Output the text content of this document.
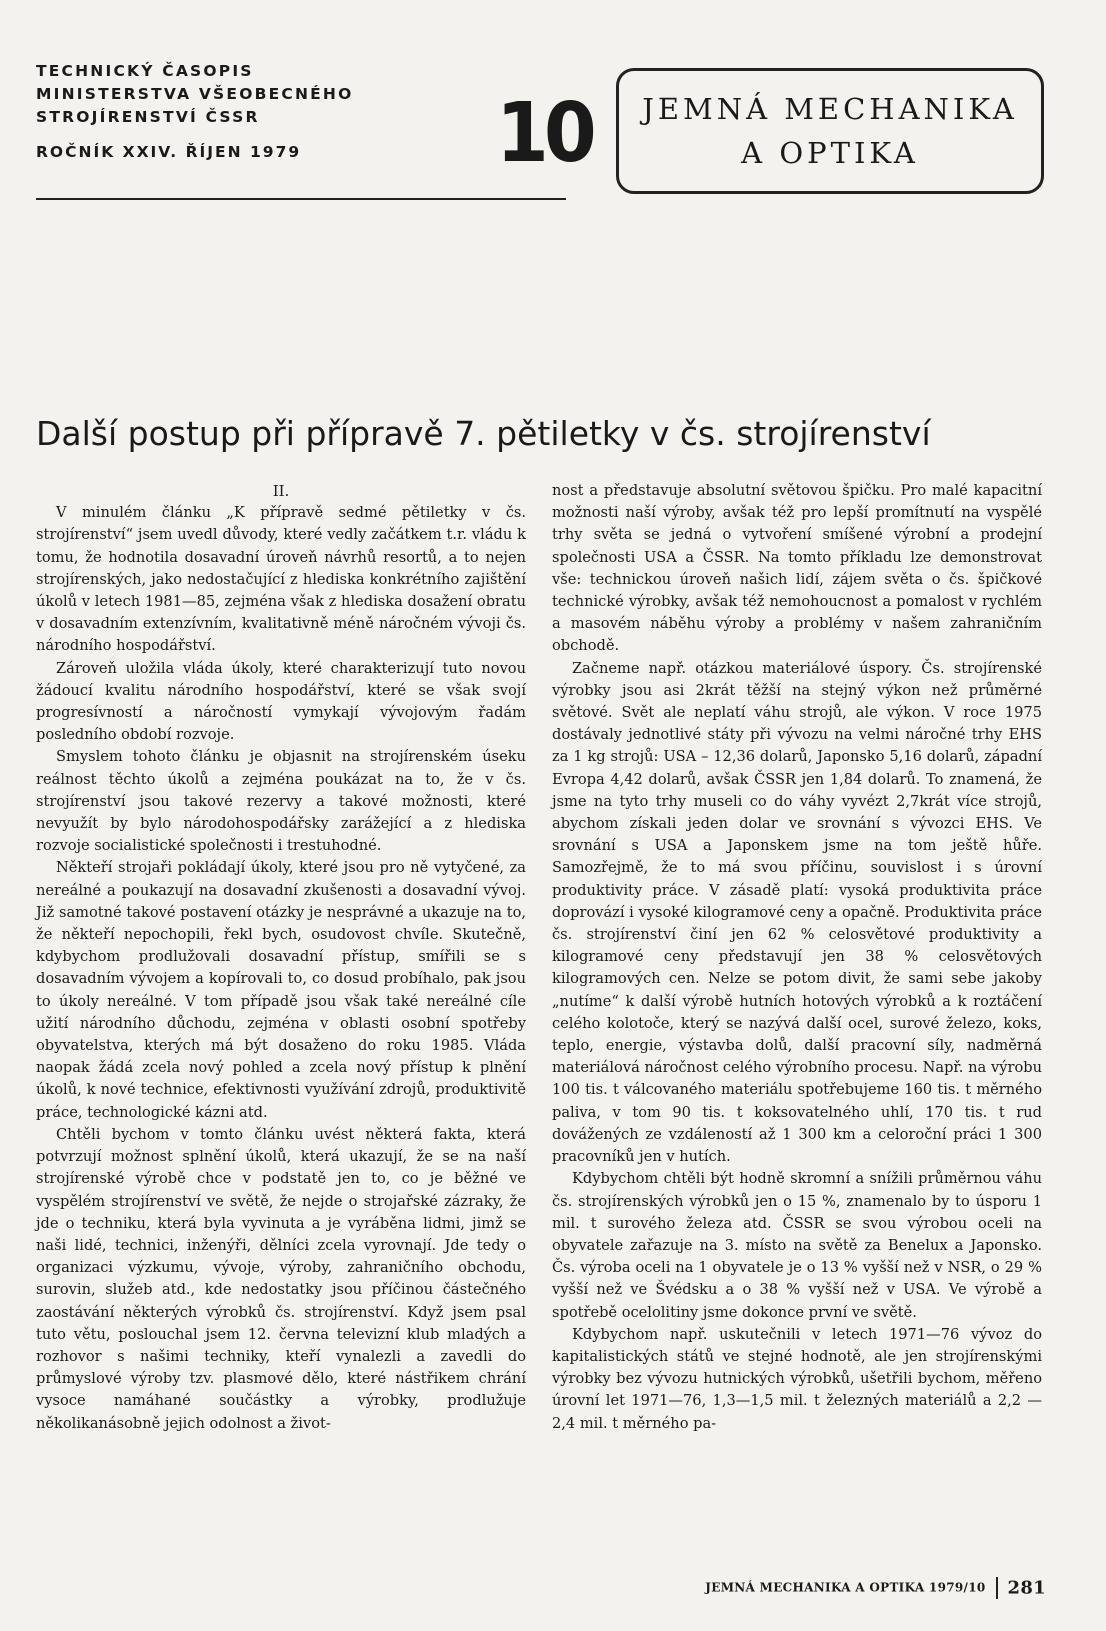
TECHNICKÝ ČASOPIS
MINISTERSTVA VŠEOBECNÉHO
STROJÍRENSTVÍ ČSSR
ROČNÍK XXIV. ŘÍJEN 1979	10 JEMNÁ MECHANIKA
A OPTIKA
Další postup při přípravě 7. pětiletky v čs. strojírenství

II.

V minulém článku „K přípravě sedmé pětiletky v čs. strojírenství“ jsem uvedl důvody, které vedly začátkem t.r. vládu k tomu, že hodnotila dosavadní úroveň návrhů resortů, a to nejen strojírenských, jako nedostačující z hlediska konkrétního zajištění úkolů v letech 1981—85, zejména však z hlediska dosažení obratu v dosavadním extenzívním, kvalitativně méně náročném vývoji čs. národního hospodářství.

Zároveň uložila vláda úkoly, které charakterizují tuto novou žádoucí kvalitu národního hospodářství, které se však svojí progresívností a náročností vymykají vývojovým řadám posledního období rozvoje.

Smyslem tohoto článku je objasnit na strojírenském úseku reálnost těchto úkolů a zejména poukázat na to, že v čs. strojírenství jsou takové rezervy a takové možnosti, které nevyužít by bylo národohospodářsky zarážející a z hlediska rozvoje socialistické společnosti i trestuhodné.

Někteří strojaři pokládají úkoly, které jsou pro ně vytyčené, za nereálné a poukazují na dosavadní zkušenosti a dosavadní vývoj. Již samotné takové postavení otázky je nesprávné a ukazuje na to, že někteří nepochopili, řekl bych, osudovost chvíle. Skutečně, kdybychom prodlužovali dosavadní přístup, smířili se s dosavadním vývojem a kopírovali to, co dosud probíhalo, pak jsou to úkoly nereálné. V tom případě jsou však také nereálné cíle užití národního důchodu, zejména v oblasti osobní spotřeby obyvatelstva, kterých má být dosaženo do roku 1985. Vláda naopak žádá zcela nový pohled a zcela nový přístup k plnění úkolů, k nové technice, efektivnosti využívání zdrojů, produktivitě práce, technologické kázni atd.

Chtěli bychom v tomto článku uvést některá fakta, která potvrzují možnost splnění úkolů, která ukazují, že se na naší strojírenské výrobě chce v podstatě jen to, co je běžné ve vyspělém strojírenství ve světě, že nejde o strojařské zázraky, že jde o techniku, která byla vyvinuta a je vyráběna lidmi, jimž se naši lidé, technici, inženýři, dělníci zcela vyrovnají. Jde tedy o organizaci výzkumu, vývoje, výroby, zahraničního obchodu, surovin, služeb atd., kde nedostatky jsou příčinou částečného zaostávání některých výrobků čs. strojírenství. Když jsem psal tuto větu, poslouchal jsem 12. června televizní klub mladých a rozhovor s našimi techniky, kteří vynalezli a zavedli do průmyslové výroby tzv. plasmové dělo, které nástřikem chrání vysoce namáhané součástky a výrobky, prodlužuje několikanásobně jejich odolnost a život-

nost a představuje absolutní světovou špičku. Pro malé kapacitní možnosti naší výroby, avšak též pro lepší promítnutí na vyspělé trhy světa se jedná o vytvoření smíšené výrobní a prodejní společnosti USA a ČSSR. Na tomto příkladu lze demonstrovat vše: technickou úroveň našich lidí, zájem světa o čs. špičkové technické výrobky, avšak též nemohoucnost a pomalost v rychlém a masovém náběhu výroby a problémy v našem zahraničním obchodě.

Začneme např. otázkou materiálové úspory. Čs. strojírenské výrobky jsou asi 2krát těžší na stejný výkon než průměrné světové. Svět ale neplatí váhu strojů, ale výkon. V roce 1975 dostávaly jednotlivé státy při vývozu na velmi náročné trhy EHS za 1 kg strojů: USA – 12,36 dolarů, Japonsko 5,16 dolarů, západní Evropa 4,42 dolarů, avšak ČSSR jen 1,84 dolarů. To znamená, že jsme na tyto trhy museli co do váhy vyvézt 2,7krát více strojů, abychom získali jeden dolar ve srovnání s vývozci EHS. Ve srovnání s USA a Japonskem jsme na tom ještě hůře. Samozřejmě, že to má svou příčinu, souvislost i s úrovní produktivity práce. V zásadě platí: vysoká produktivita práce doprovází i vysoké kilogramové ceny a opačně. Produktivita práce čs. strojírenství činí jen 62 % celosvětové produktivity a kilogramové ceny představují jen 38 % celosvětových kilogramových cen. Nelze se potom divit, že sami sebe jakoby „nutíme“ k další výrobě hutních hotových výrobků a k roztáčení celého kolotoče, který se nazývá další ocel, surové železo, koks, teplo, energie, výstavba dolů, další pracovní síly, nadměrná materiálová náročnost celého výrobního procesu. Např. na výrobu 100 tis. t válcovaného materiálu spotřebujeme 160 tis. t měrného paliva, v tom 90 tis. t koksovatelného uhlí, 170 tis. t rud dovážených ze vzdáleností až 1 300 km a celoroční práci 1 300 pracovníků jen v hutích.

Kdybychom chtěli být hodně skromní a snížili průměrnou váhu čs. strojírenských výrobků jen o 15 %, znamenalo by to úsporu 1 mil. t surového železa atd. ČSSR se svou výrobou oceli na obyvatele zařazuje na 3. místo na světě za Benelux a Japonsko. Čs. výroba oceli na 1 obyvatele je o 13 % vyšší než v NSR, o 29 % vyšší než ve Švédsku a o 38 % vyšší než v USA. Ve výrobě a spotřebě ocelolitiny jsme dokonce první ve světě.

Kdybychom např. uskutečnili v letech 1971—76 vývoz do kapitalistických států ve stejné hodnotě, ale jen strojírenskými výrobky bez vývozu hutnických výrobků, ušetřili bychom, měřeno úrovní let 1971—76, 1,3—1,5 mil. t železných materiálů a 2,2 —2,4 mil. t měrného pa-

JEMNÁ MECHANIKA A OPTIKA 1979/10 281
